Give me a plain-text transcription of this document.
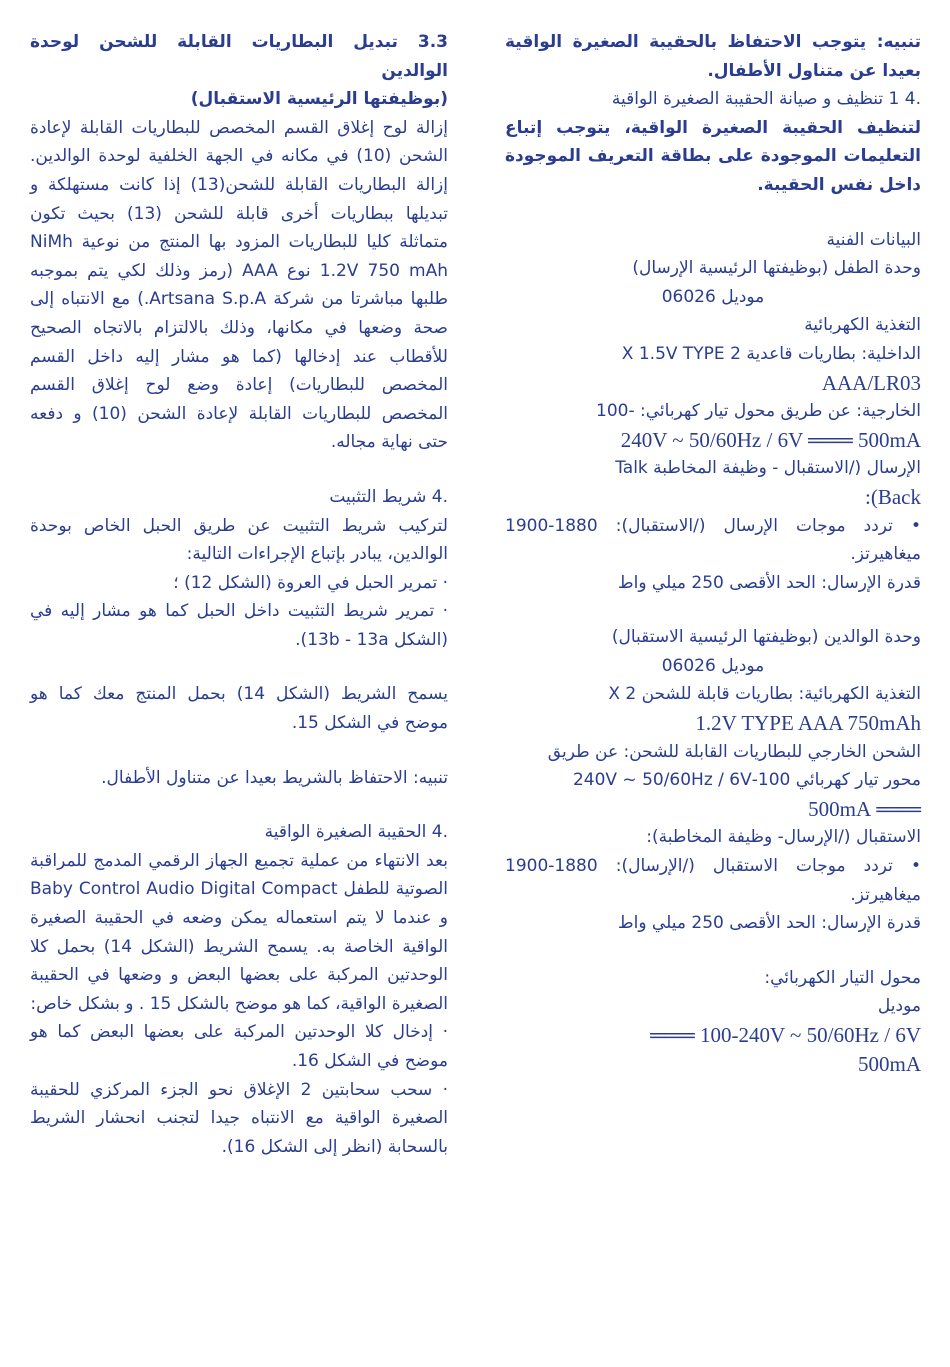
تنبيه: يتوجب الاحتفاظ بالحقيبة الصغيرة الواقية بعيدا عن متناول الأطفال.

.4 1 تنظيف و صيانة الحقيبة الصغيرة الواقية

لتنظيف الحقيبة الصغيرة الواقية، يتوجب إتباع التعليمات الموجودة على بطاقة التعريف الموجودة داخل نفس الحقيبة.

البيانات الفنية

وحدة الطفل (بوظيفتها الرئيسية الإرسال)

موديل 06026

التغذية الكهربائية

الداخلية: بطاريات قاعدية 2 X 1.5V TYPE

AAA/LR03

الخارجية: عن طريق محول تيار كهربائي: -100

240V ~ 50/60Hz / 6V ═══ 500mA

الإرسال (/الاستقبال - وظيفة المخاطبة Talk

Back):

• تردد موجات الإرسال (/الاستقبال): 1880-1900 ميغاهيرتز.

قدرة الإرسال: الحد الأقصى 250 ميلي واط

وحدة الوالدين (بوظيفتها الرئيسية الاستقبال)

موديل 06026

التغذية الكهربائية: بطاريات قابلة للشحن 2 X

1.2V TYPE AAA 750mAh

الشحن الخارجي للبطاريات القابلة للشحن: عن طريق

محور تيار كهربائي 100-240V ~ 50/60Hz / 6V

═══ 500mA

الاستقبال (/الإرسال- وظيفة المخاطبة):

• تردد موجات الاستقبال (/الإرسال): 1880-1900 ميغاهيرتز.

قدرة الإرسال: الحد الأقصى 250 ميلي واط

محول التيار الكهربائي:

موديل

100-240V ~ 50/60Hz / 6V ═══

500mA

3.3 تبديل البطاريات القابلة للشحن لوحدة الوالدين

(بوظيفتها الرئيسية الاستقبال)

إزالة لوح إغلاق القسم المخصص للبطاريات القابلة لإعادة الشحن (10) في مكانه في الجهة الخلفية لوحدة الوالدين. إزالة البطاريات القابلة للشحن(13) إذا كانت مستهلكة و تبديلها ببطاريات أخرى قابلة للشحن (13) بحيث تكون متماثلة كليا للبطاريات المزود بها المنتج من نوعية NiMh 1.2V 750 mAh نوع AAA (رمز وذلك لكي يتم بموجبه طلبها مباشرتا من شركة Artsana S.p.A.) مع الانتباه إلى صحة وضعها في مكانها، وذلك بالالتزام بالاتجاه الصحيح للأقطاب عند إدخالها (كما هو مشار إليه داخل القسم المخصص للبطاريات) إعادة وضع لوح إغلاق القسم المخصص للبطاريات القابلة لإعادة الشحن (10) و دفعه حتى نهاية مجاله.

.4 شريط التثبيت

لتركيب شريط التثبيت عن طريق الحبل الخاص بوحدة الوالدين، يبادر بإتباع الإجراءات التالية:

· تمرير الحبل في العروة (الشكل 12) ؛

· تمرير شريط التثبيت داخل الحبل كما هو مشار إليه في (الشكل 13b - 13a).

يسمح الشريط (الشكل 14) بحمل المنتج معك كما هو موضح في الشكل 15.

تنبيه: الاحتفاظ بالشريط بعيدا عن متناول الأطفال.

.4 الحقيبة الصغيرة الواقية

بعد الانتهاء من عملية تجميع الجهاز الرقمي المدمج للمراقبة الصوتية للطفل Baby Control Audio Digital Compact و عندما لا يتم استعماله يمكن وضعه في الحقيبة الصغيرة الواقية الخاصة به. يسمح الشريط (الشكل 14) بحمل كلا الوحدتين المركبة على بعضها البعض و وضعها في الحقيبة الصغيرة الواقية، كما هو موضح بالشكل 15 . و بشكل خاص:

· إدخال كلا الوحدتين المركبة على بعضها البعض كما هو موضح في الشكل 16.

· سحب سحابتين 2 الإغلاق نحو الجزء المركزي للحقيبة الصغيرة الواقية مع الانتباه جيدا لتجنب انحشار الشريط بالسحابة (انظر إلى الشكل 16).
